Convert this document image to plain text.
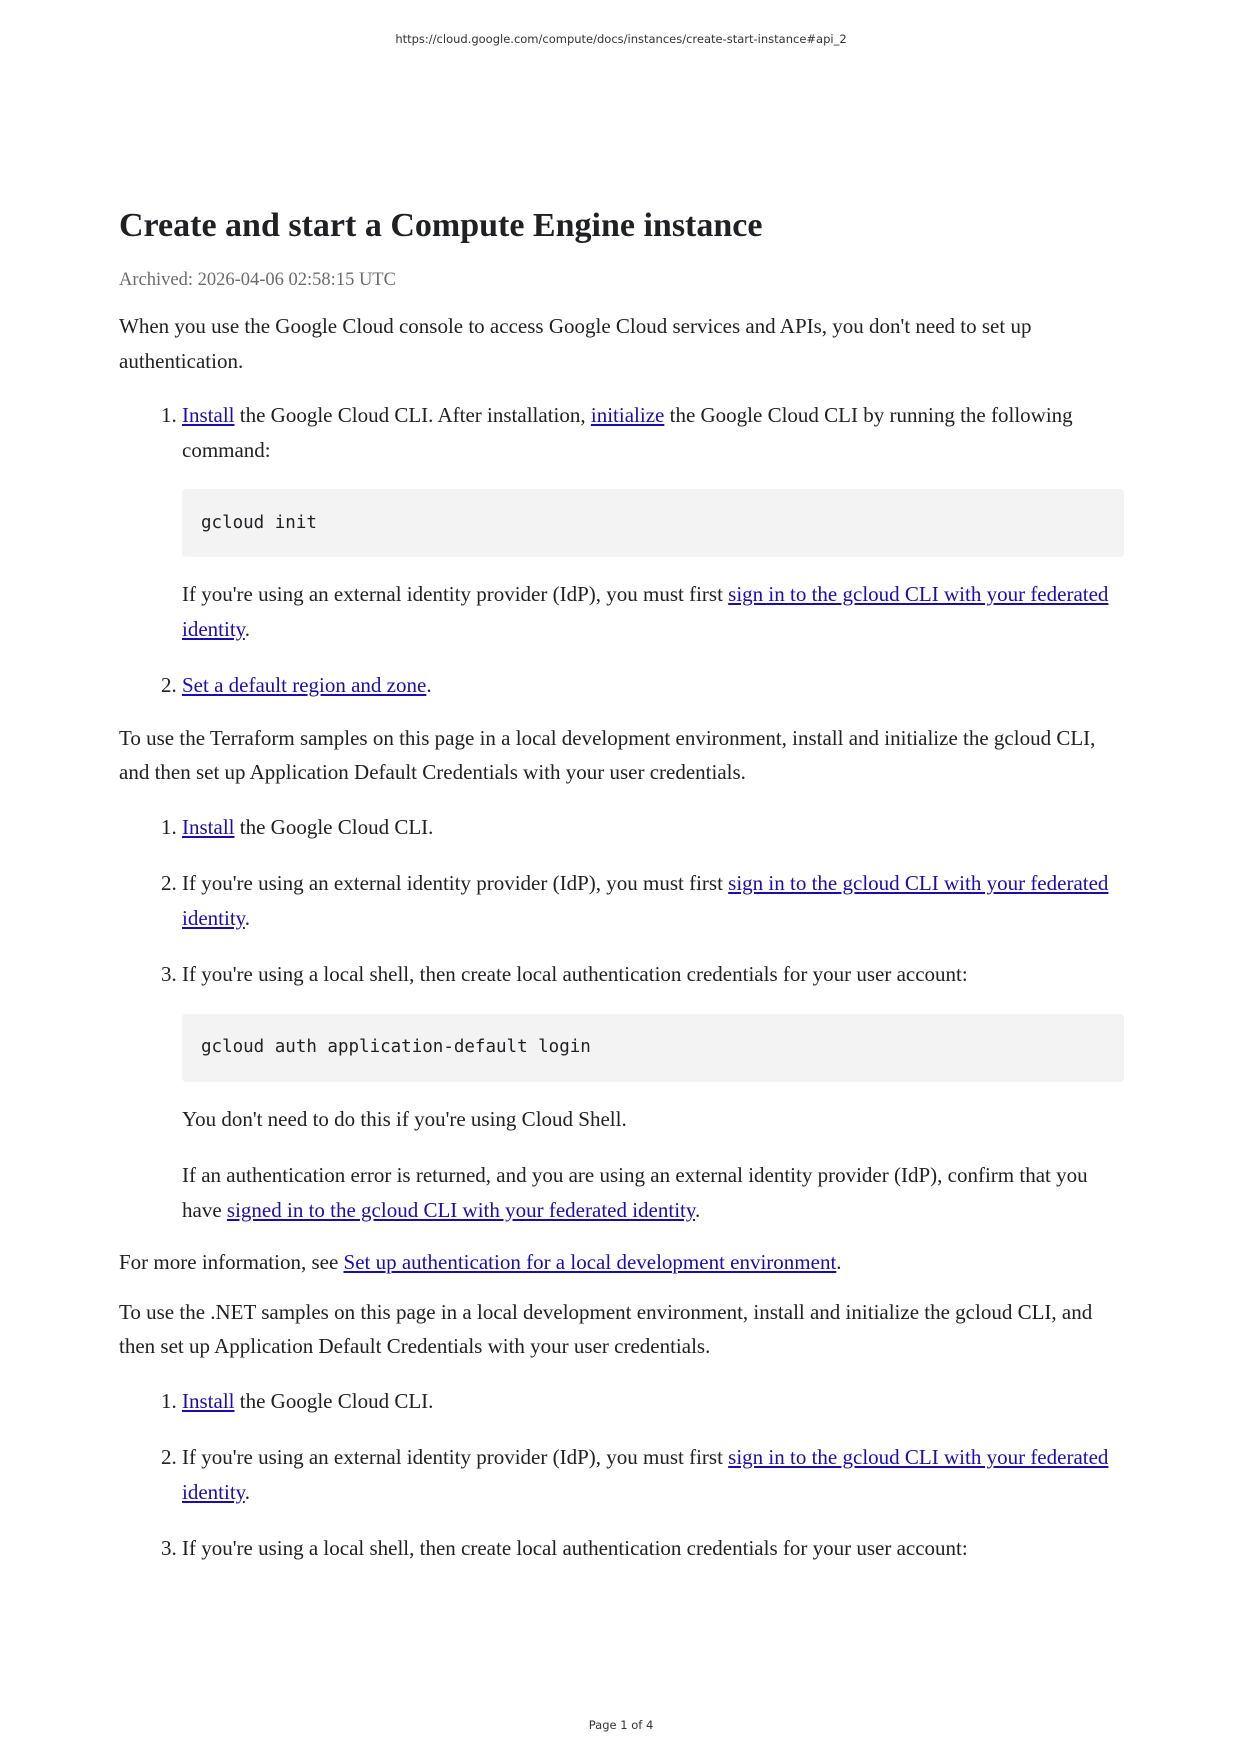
https://cloud.google.com/compute/docs/instances/create-start-instance#api_2
Create and start a Compute Engine instance
Archived: 2026-04-06 02:58:15 UTC

When you use the Google Cloud console to access Google Cloud services and APIs, you don't need to set up authentication.

1. Install the Google Cloud CLI. After installation, initialize the Google Cloud CLI by running the following command:
gcloud init
If you're using an external identity provider (IdP), you must first sign in to the gcloud CLI with your federated identity.
2. Set a default region and zone.

To use the Terraform samples on this page in a local development environment, install and initialize the gcloud CLI, and then set up Application Default Credentials with your user credentials.

1. Install the Google Cloud CLI.
2. If you're using an external identity provider (IdP), you must first sign in to the gcloud CLI with your federated identity.
3. If you're using a local shell, then create local authentication credentials for your user account:
gcloud auth application-default login
You don't need to do this if you're using Cloud Shell.
If an authentication error is returned, and you are using an external identity provider (IdP), confirm that you have signed in to the gcloud CLI with your federated identity.

For more information, see Set up authentication for a local development environment.

To use the .NET samples on this page in a local development environment, install and initialize the gcloud CLI, and then set up Application Default Credentials with your user credentials.

1. Install the Google Cloud CLI.
2. If you're using an external identity provider (IdP), you must first sign in to the gcloud CLI with your federated identity.
3. If you're using a local shell, then create local authentication credentials for your user account:
Page 1 of 4
